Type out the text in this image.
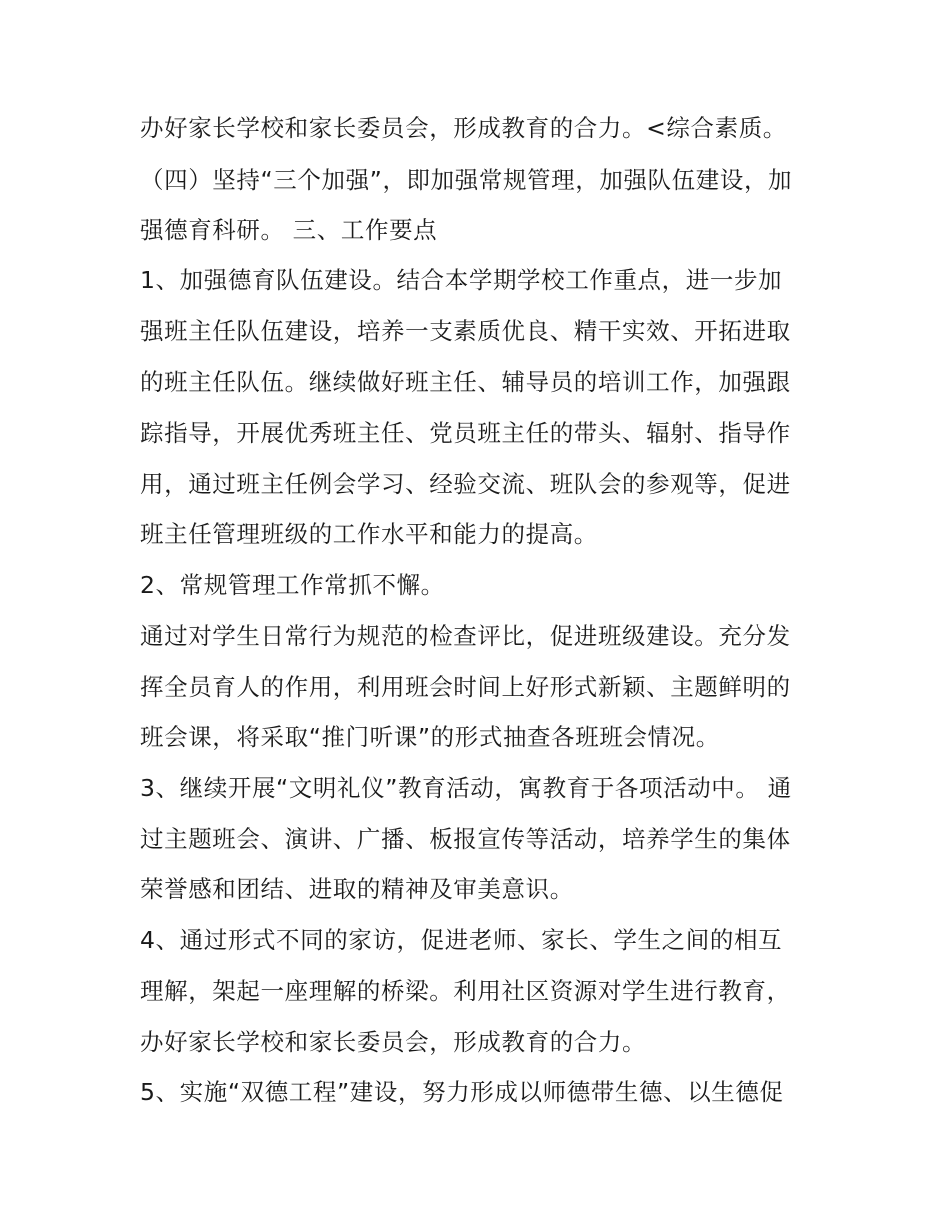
办好家长学校和家长委员会，形成教育的合力。<综合素质。
（四）坚持“三个加强”，即加强常规管理，加强队伍建设，加
强德育科研。 三、工作要点
1、加强德育队伍建设。结合本学期学校工作重点，进一步加
强班主任队伍建设，培养一支素质优良、精干实效、开拓进取
的班主任队伍。继续做好班主任、辅导员的培训工作，加强跟
踪指导，开展优秀班主任、党员班主任的带头、辐射、指导作
用，通过班主任例会学习、经验交流、班队会的参观等，促进
班主任管理班级的工作水平和能力的提高。
2、常规管理工作常抓不懈。
通过对学生日常行为规范的检查评比，促进班级建设。充分发
挥全员育人的作用，利用班会时间上好形式新颖、主题鲜明的
班会课，将采取“推门听课”的形式抽查各班班会情况。
3、继续开展“文明礼仪”教育活动，寓教育于各项活动中。 通
过主题班会、演讲、广播、板报宣传等活动，培养学生的集体
荣誉感和团结、进取的精神及审美意识。
4、通过形式不同的家访，促进老师、家长、学生之间的相互
理解，架起一座理解的桥梁。利用社区资源对学生进行教育，
办好家长学校和家长委员会，形成教育的合力。
5、实施“双德工程”建设，努力形成以师德带生德、以生德促
